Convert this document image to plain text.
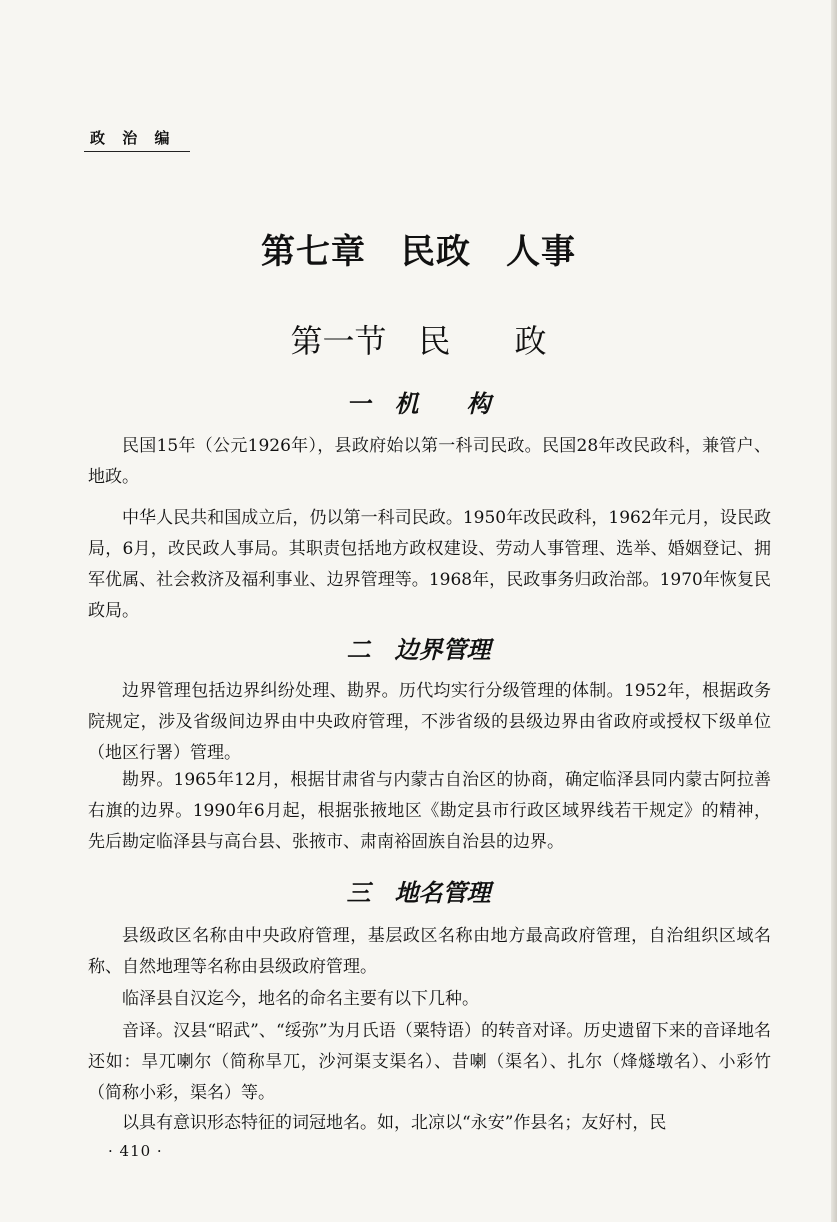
政 治 编
第七章　民政　人事
第一节　民　　政
一　机　　构

民国15年（公元1926年），县政府始以第一科司民政。民国28年改民政科，兼管户、地政。

中华人民共和国成立后，仍以第一科司民政。1950年改民政科，1962年元月，设民政局，6月，改民政人事局。其职责包括地方政权建设、劳动人事管理、选举、婚姻登记、拥军优属、社会救济及福利事业、边界管理等。1968年，民政事务归政治部。1970年恢复民政局。

二　边界管理

边界管理包括边界纠纷处理、勘界。历代均实行分级管理的体制。1952年，根据政务院规定，涉及省级间边界由中央政府管理，不涉省级的县级边界由省政府或授权下级单位（地区行署）管理。

勘界。1965年12月，根据甘肃省与内蒙古自治区的协商，确定临泽县同内蒙古阿拉善右旗的边界。1990年6月起，根据张掖地区《勘定县市行政区域界线若干规定》的精神，先后勘定临泽县与高台县、张掖市、肃南裕固族自治县的边界。

三　地名管理

县级政区名称由中央政府管理，基层政区名称由地方最高政府管理，自治组织区域名称、自然地理等名称由县级政府管理。

临泽县自汉迄今，地名的命名主要有以下几种。

音译。汉县“昭武”、“绥弥”为月氏语（粟特语）的转音对译。历史遗留下来的音译地名还如：旱兀喇尔（简称旱兀，沙河渠支渠名）、昔喇（渠名）、扎尔（烽燧墩名）、小彩竹（简称小彩，渠名）等。

以具有意识形态特征的词冠地名。如，北凉以“永安”作县名；友好村，民

· 410 ·
